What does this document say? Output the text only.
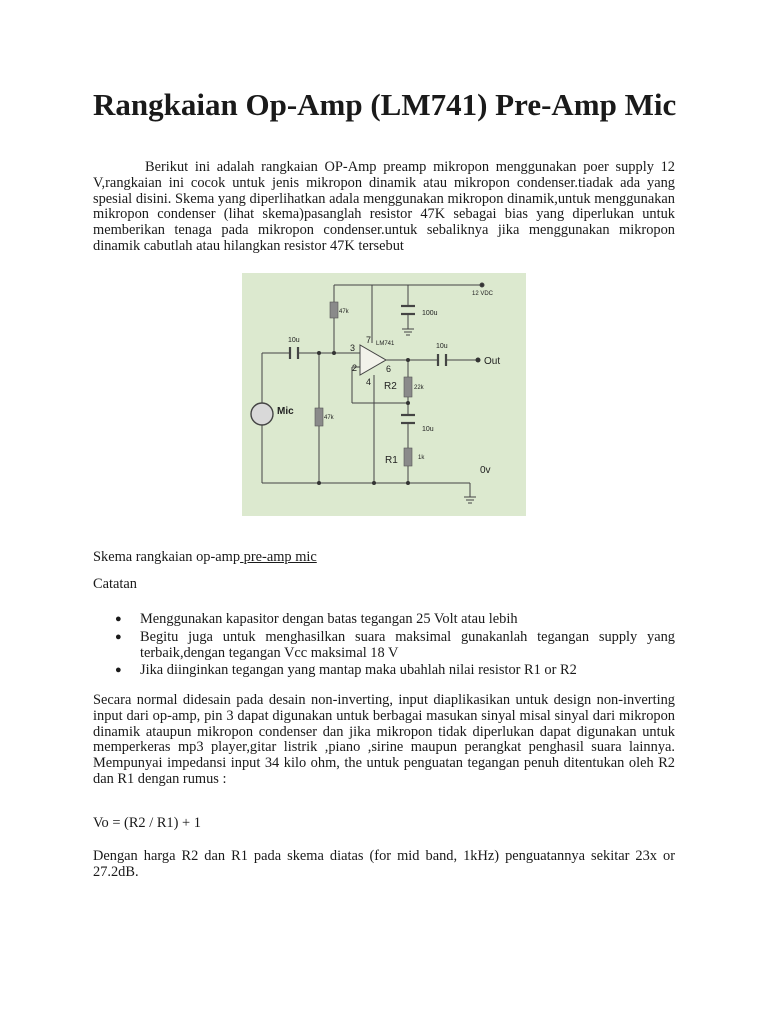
Rangkaian Op-Amp (LM741) Pre-Amp Mic

Berikut ini adalah rangkaian OP-Amp preamp mikropon menggunakan poer supply 12 V,rangkaian ini cocok untuk jenis mikropon dinamik atau mikropon condenser.tiadak ada yang spesial disini. Skema yang diperlihatkan adala menggunakan mikropon dinamik,untuk menggunakan mikropon condenser (lihat skema)pasanglah resistor 47K sebagai bias yang diperlukan untuk memberikan tenaga pada mikropon condenser.untuk sebaliknya jika menggunakan mikropon dinamik cabutlah atau hilangkan resistor 47K tersebut

12 VDC
100u
47k
10u	7 LM741
3
2	6
4
10u
Out
R2	22k
Mic
47k
10u
R1	1k
0v
Skema rangkaian op-amp pre-amp mic
Catatan
● Menggunakan kapasitor dengan batas tegangan 25 Volt atau lebih
● Begitu juga untuk menghasilkan suara maksimal gunakanlah tegangan supply yang terbaik,dengan tegangan Vcc maksimal 18 V
● Jika diinginkan tegangan yang mantap maka ubahlah nilai resistor R1 or R2

Secara normal didesain pada desain non-inverting, input diaplikasikan untuk design non-inverting input dari op-amp, pin 3 dapat digunakan untuk berbagai masukan sinyal misal sinyal dari mikropon dinamik ataupun mikropon condenser dan jika mikropon tidak diperlukan dapat digunakan untuk memperkeras mp3 player,gitar listrik ,piano ,sirine maupun perangkat penghasil suara lainnya. Mempunyai impedansi input 34 kilo ohm, the untuk penguatan tegangan penuh ditentukan oleh R2 dan R1 dengan rumus :

Vo = (R2 / R1) + 1

Dengan harga R2 dan R1 pada skema diatas (for mid band, 1kHz) penguatannya sekitar 23x or 27.2dB.
